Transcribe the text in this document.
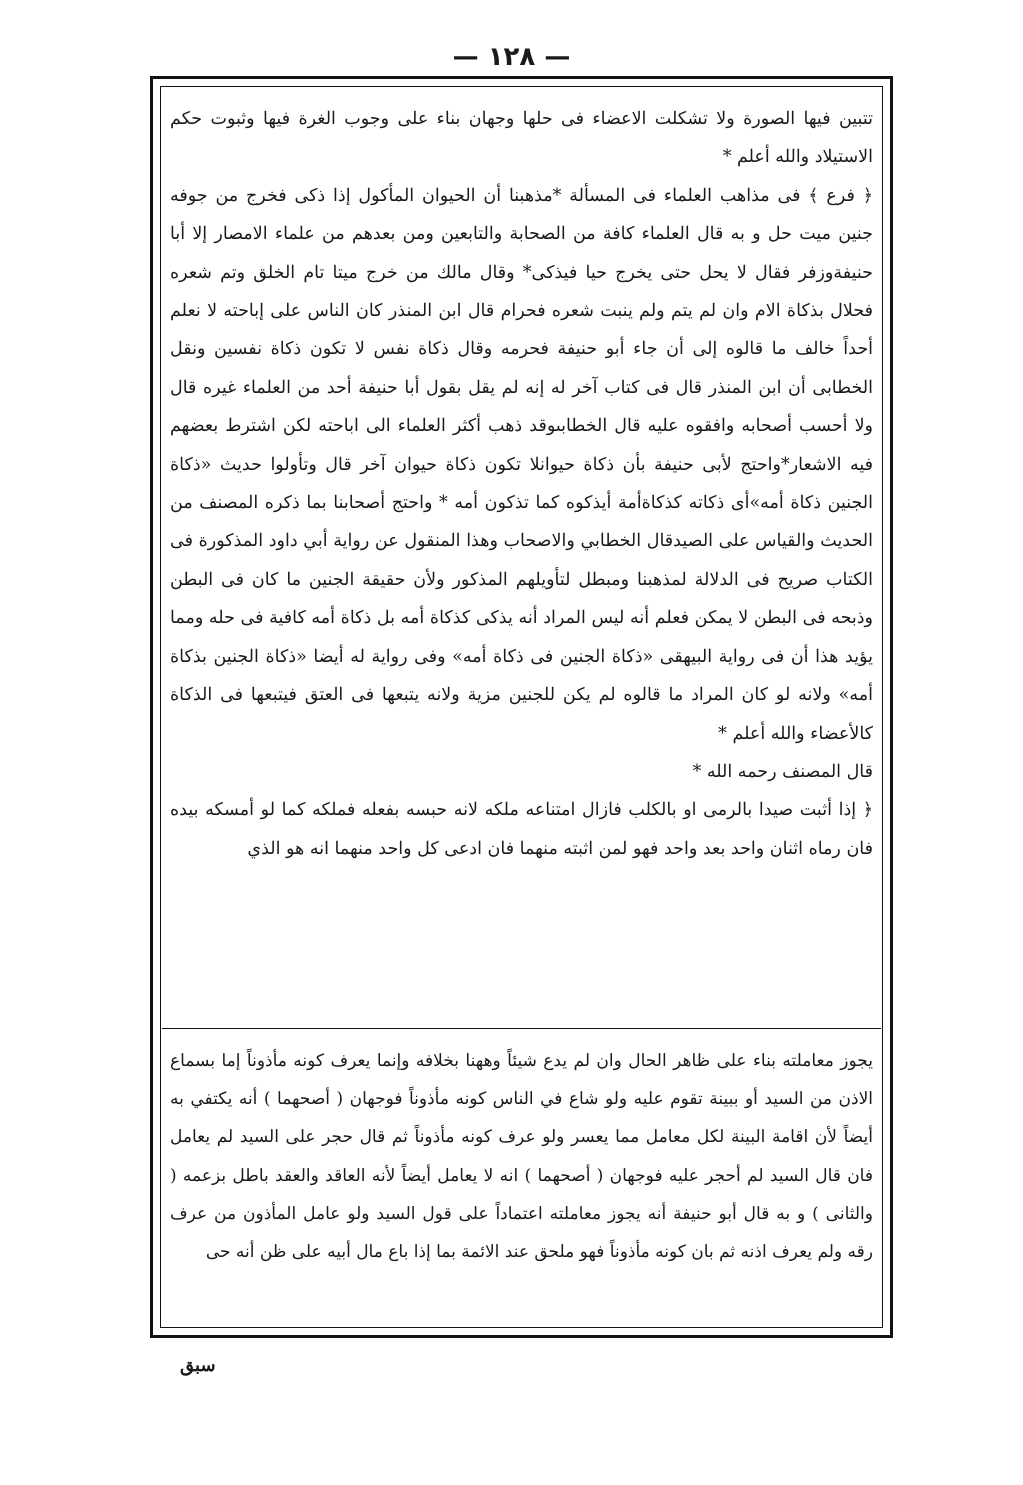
— ١٢٨ —

تتبين فيها الصورة ولا تشكلت الاعضاء فى حلها وجهان بناء على وجوب الغرة فيها وثبوت حكم الاستيلاد والله أعلم *

﴿ فرع ﴾ فى مذاهب العلماء فى المسألة *مذهبنا أن الحيوان المأكول إذا ذكى فخرج من جوفه جنين ميت حل و به قال العلماء كافة من الصحابة والتابعين ومن بعدهم من علماء الامصار إلا أبا حنيفةوزفر فقال لا يحل حتى يخرج حيا فيذكى* وقال مالك من خرج ميتا تام الخلق وتم شعره فحلال بذكاة الام وان لم يتم ولم ينبت شعره فحرام قال ابن المنذر كان الناس على إباحته لا نعلم أحداً خالف ما قالوه إلى أن جاء أبو حنيفة فحرمه وقال ذكاة نفس لا تكون ذكاة نفسين ونقل الخطابى أن ابن المنذر قال فى كتاب آخر له إنه لم يقل بقول أبا حنيفة أحد من العلماء غيره قال ولا أحسب أصحابه وافقوه عليه قال الخطابىوقد ذهب أكثر العلماء الى اباحته لكن اشترط بعضهم فيه الاشعار*واحتج لأبى حنيفة بأن ذكاة حيوانلا تكون ذكاة حيوان آخر قال وتأولوا حديث «ذكاة الجنين ذكاة أمه»أى ذكاته كذكاةأمة أيذكوه كما تذكون أمه * واحتج أصحابنا بما ذكره المصنف من الحديث والقياس على الصيدقال الخطابي والاصحاب وهذا المنقول عن رواية أبي داود المذكورة فى الكتاب صريح فى الدلالة لمذهبنا ومبطل لتأويلهم المذكور ولأن حقيقة الجنين ما كان فى البطن وذبحه فى البطن لا يمكن فعلم أنه ليس المراد أنه يذكى كذكاة أمه بل ذكاة أمه كافية فى حله ومما يؤيد هذا أن فى رواية البيهقى «ذكاة الجنين فى ذكاة أمه» وفى رواية له أيضا «ذكاة الجنين بذكاة أمه» ولانه لو كان المراد ما قالوه لم يكن للجنين مزية ولانه يتبعها فى العتق فيتبعها فى الذكاة كالأعضاء والله أعلم *

قال المصنف رحمه الله *

﴿ إذا أثبت صيدا بالرمى او بالكلب فازال امتناعه ملكه لانه حبسه بفعله فملكه كما لو أمسكه بيده فان رماه اثنان واحد بعد واحد فهو لمن اثبته منهما فان ادعى كل واحد منهما انه هو الذي

يجوز معاملته بناء على ظاهر الحال وان لم يدع شيئاً وههنا بخلافه وإنما يعرف كونه مأذوناً إما بسماع الاذن من السيد أو ببينة تقوم عليه ولو شاع في الناس كونه مأذوناً فوجهان ( أصحهما ) أنه يكتفي به أيضاً لأن اقامة البينة لكل معامل مما يعسر ولو عرف كونه مأذوناً ثم قال حجر على السيد لم يعامل فان قال السيد لم أحجر عليه فوجهان ( أصحهما ) انه لا يعامل أيضاً لأنه العاقد والعقد باطل بزعمه ( والثانى ) و به قال أبو حنيفة أنه يجوز معاملته اعتماداً على قول السيد ولو عامل المأذون من عرف رقه ولم يعرف اذنه ثم بان كونه مأذوناً فهو ملحق عند الائمة بما إذا باع مال أبيه على ظن أنه حى

سبق
